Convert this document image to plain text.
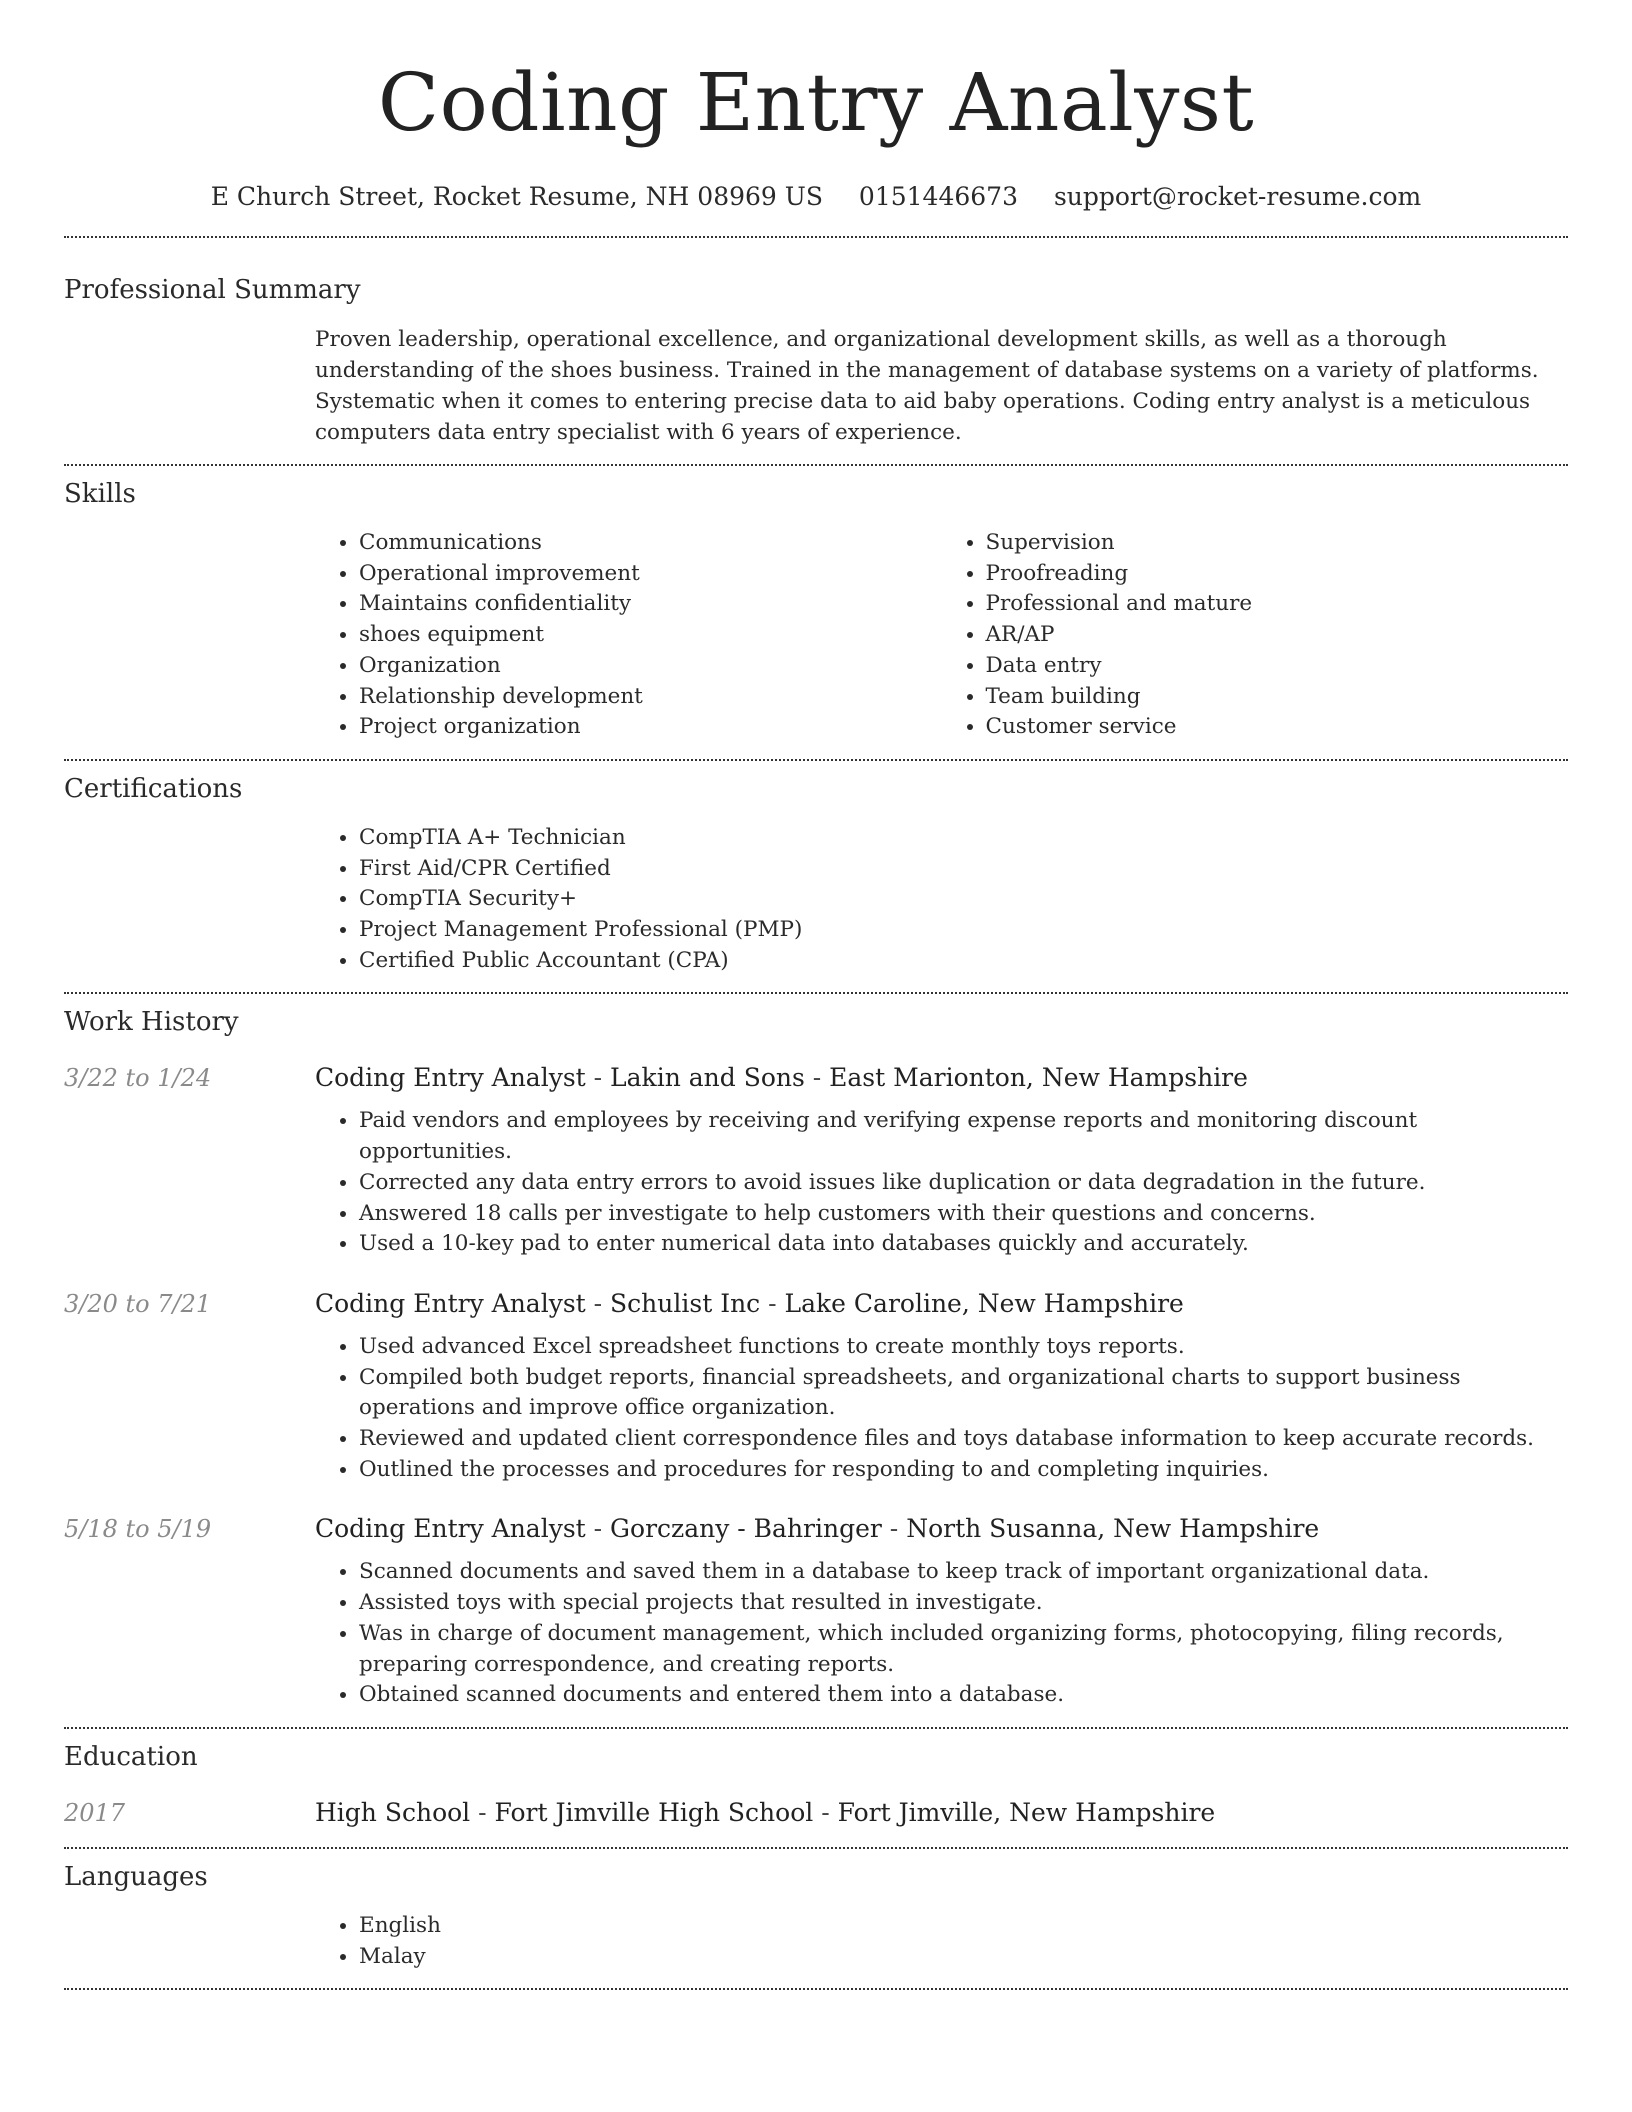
Coding Entry Analyst
E Church Street, Rocket Resume, NH 08969 US 0151446673 support@rocket-resume.com
Professional Summary

Proven leadership, operational excellence, and organizational development skills, as well as a thorough understanding of the shoes business. Trained in the management of database systems on a variety of platforms. Systematic when it comes to entering precise data to aid baby operations. Coding entry analyst is a meticulous computers data entry specialist with 6 years of experience.

Skills
• Communications
• Operational improvement
• Maintains confidentiality
• shoes equipment
• Organization
• Relationship development
• Project organization
• Supervision
• Proofreading
• Professional and mature
• AR/AP
• Data entry
• Team building
• Customer service
Certifications
• CompTIA A+ Technician
• First Aid/CPR Certified
• CompTIA Security+
• Project Management Professional (PMP)
• Certified Public Accountant (CPA)
Work History
3/22 to 1/24	Coding Entry Analyst - Lakin and Sons - East Marionton, New Hampshire
• Paid vendors and employees by receiving and verifying expense reports and monitoring discount opportunities.
• Corrected any data entry errors to avoid issues like duplication or data degradation in the future.
• Answered 18 calls per investigate to help customers with their questions and concerns.
• Used a 10-key pad to enter numerical data into databases quickly and accurately.
3/20 to 7/21	Coding Entry Analyst - Schulist Inc - Lake Caroline, New Hampshire
• Used advanced Excel spreadsheet functions to create monthly toys reports.
• Compiled both budget reports, financial spreadsheets, and organizational charts to support business operations and improve office organization.
• Reviewed and updated client correspondence files and toys database information to keep accurate records.
• Outlined the processes and procedures for responding to and completing inquiries.
5/18 to 5/19	Coding Entry Analyst - Gorczany - Bahringer - North Susanna, New Hampshire
• Scanned documents and saved them in a database to keep track of important organizational data.
• Assisted toys with special projects that resulted in investigate.
• Was in charge of document management, which included organizing forms, photocopying, filing records, preparing correspondence, and creating reports.
• Obtained scanned documents and entered them into a database.
Education
2017	High School - Fort Jimville High School - Fort Jimville, New Hampshire
Languages
• English
• Malay
